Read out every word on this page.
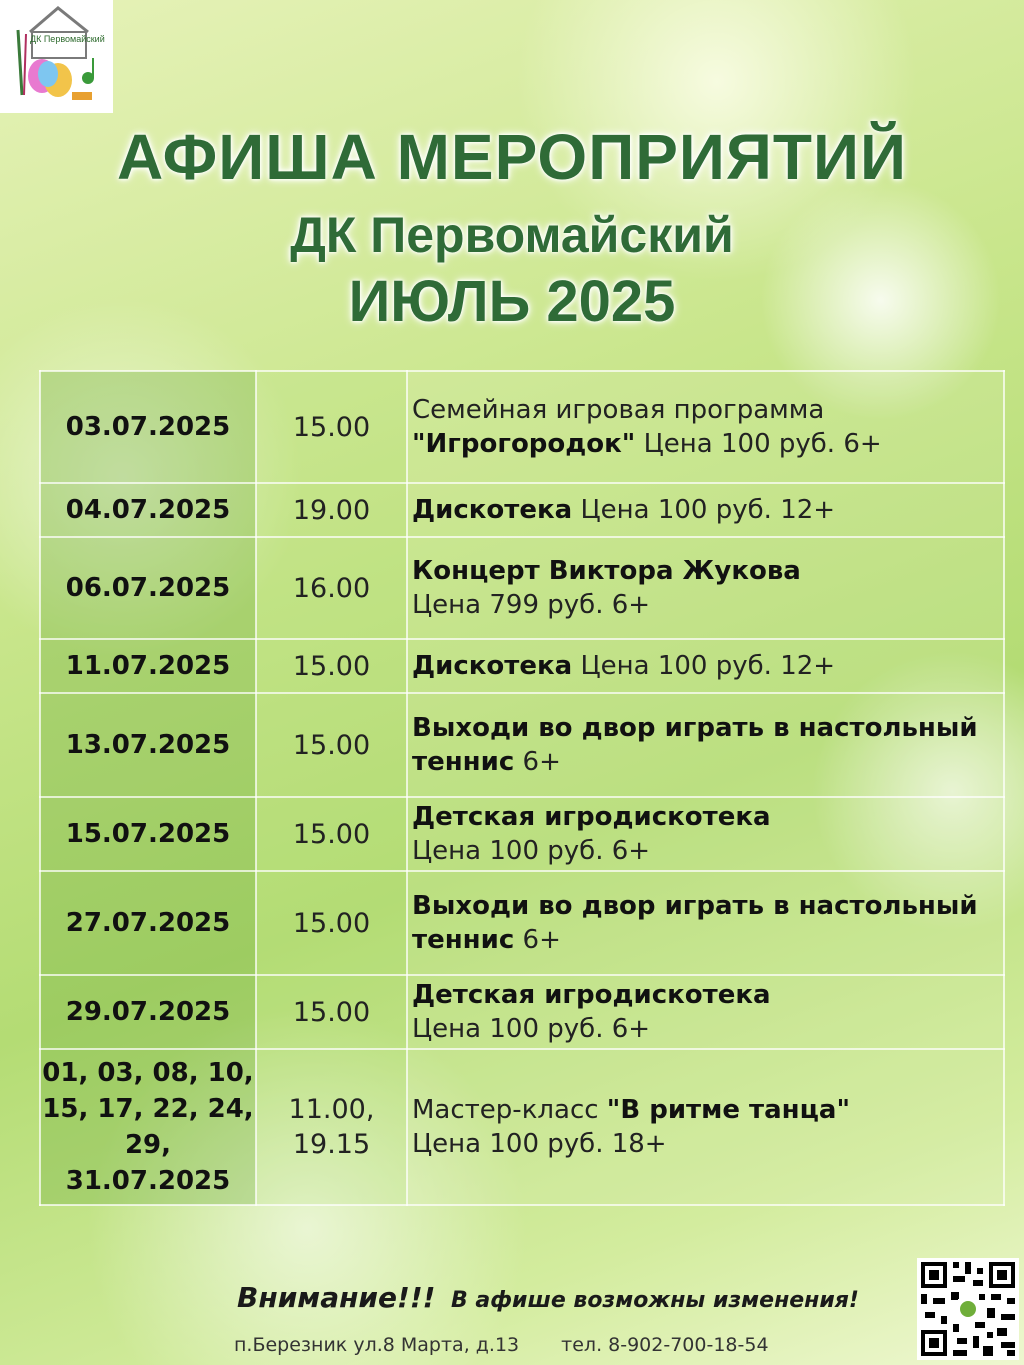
ДК Первомайский
АФИША МЕРОПРИЯТИЙ
ДК Первомайский
ИЮЛЬ 2025
03.07.2025	15.00	Семейная игровая программа
"Игрогородок" Цена 100 руб. 6+

04.07.2025	19.00	Дискотека Цена 100 руб. 12+

06.07.2025	16.00	Концерт Виктора Жукова
Цена 799 руб. 6+

11.07.2025	15.00	Дискотека Цена 100 руб. 12+

13.07.2025	15.00	Выходи во двор играть в настольный
теннис 6+

15.07.2025	15.00	Детская игродискотека
Цена 100 руб. 6+

27.07.2025	15.00	Выходи во двор играть в настольный
теннис 6+

29.07.2025	15.00	Детская игродискотека
Цена 100 руб. 6+

01, 03, 08, 10,
15, 17, 22, 24,
29, 31.07.2025	11.00,
19.15	Мастер-класс "В ритме танца"
Цена 100 руб. 18+
Внимание!!! В афише возможны изменения!
п.Березник ул.8 Марта, д.13 тел. 8-902-700-18-54
